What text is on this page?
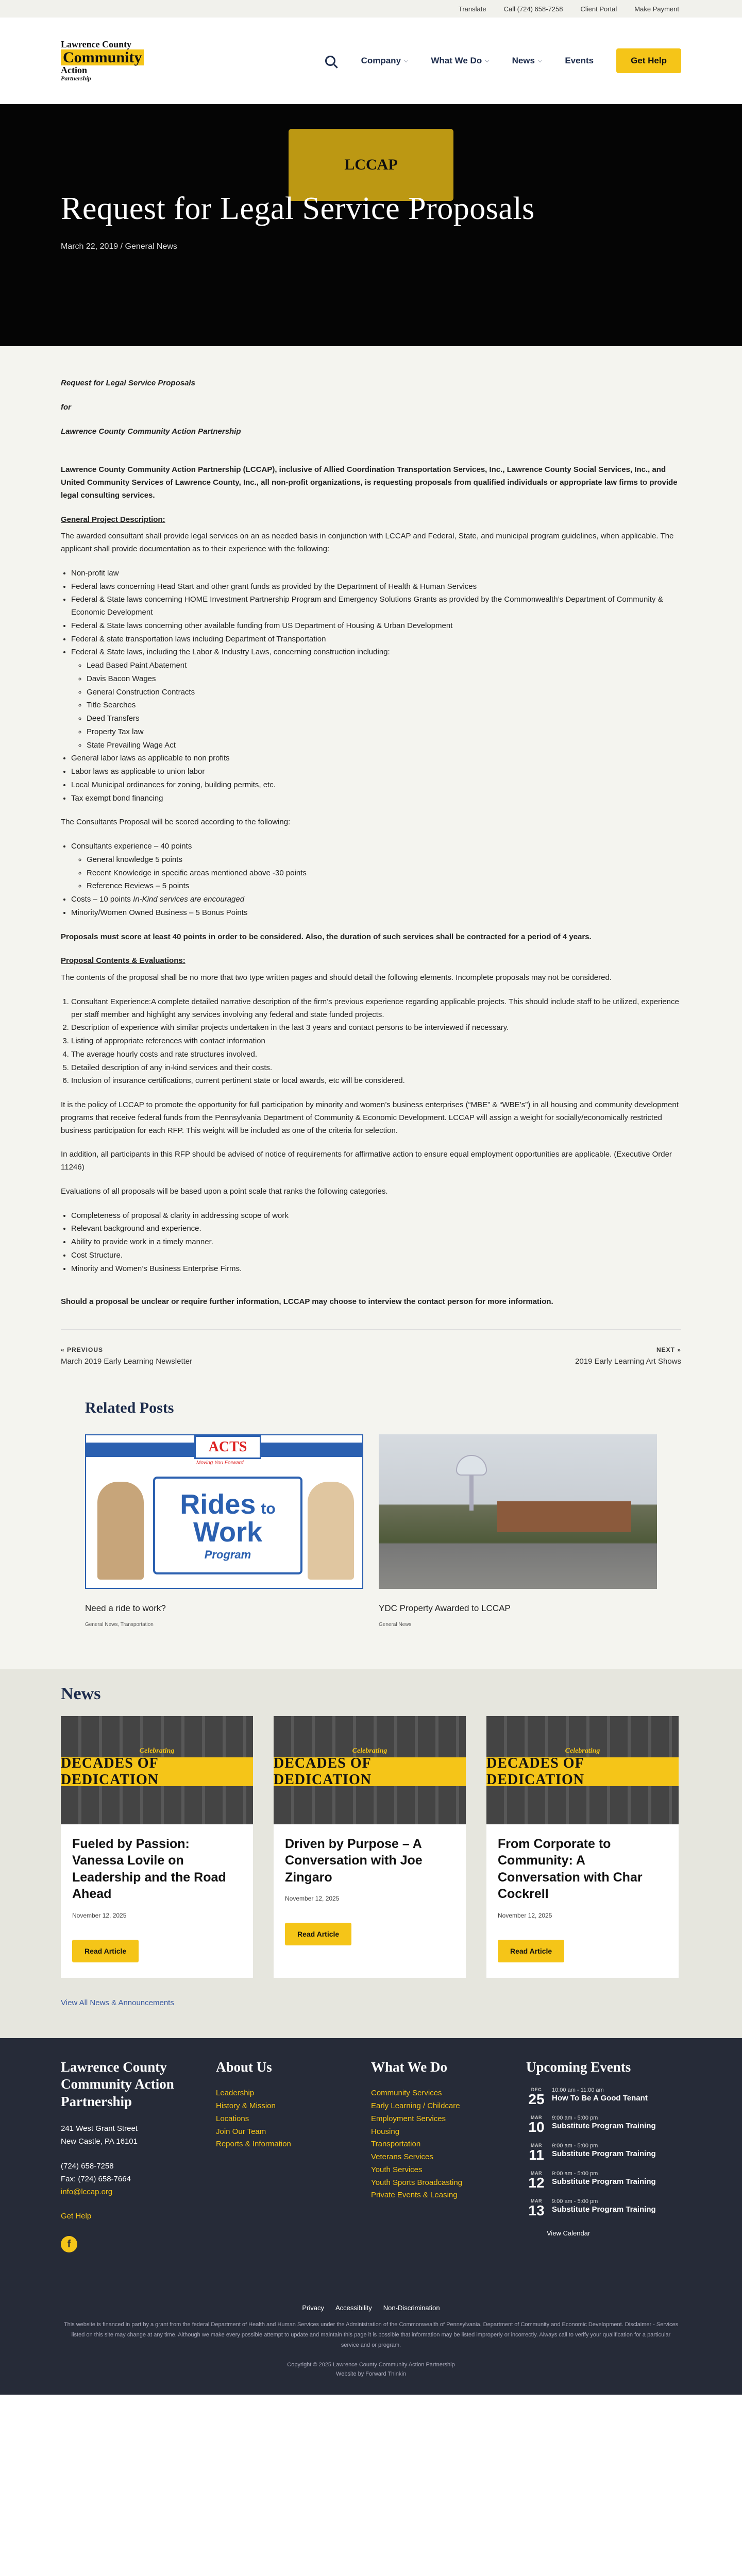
Translate	Call (724) 658-7258	Client Portal	Make Payment
Lawrence County
Community
Action
Partnership
Company ⌵	What We Do ⌵	News ⌵	Events	Get Help
LCCAP
Request for Legal Service Proposals
March 22, 2019 / General News

Request for Legal Service Proposals

for

Lawrence County Community Action Partnership

Lawrence County Community Action Partnership (LCCAP), inclusive of Allied Coordination Transportation Services, Inc., Lawrence County Social Services, Inc., and United Community Services of Lawrence County, Inc., all non-profit organizations, is requesting proposals from qualified individuals or appropriate law firms to provide legal consulting services.

General Project Description:

The awarded consultant shall provide legal services on an as needed basis in conjunction with LCCAP and Federal, State, and municipal program guidelines, when applicable. The applicant shall provide documentation as to their experience with the following:

• Non-profit law
• Federal laws concerning Head Start and other grant funds as provided by the Department of Health & Human Services
• Federal & State laws concerning HOME Investment Partnership Program and Emergency Solutions Grants as provided by the Commonwealth’s Department of Community & Economic Development
• Federal & State laws concerning other available funding from US Department of Housing & Urban Development
• Federal & state transportation laws including Department of Transportation
• Federal & State laws, including the Labor & Industry Laws, concerning construction including:
◦ Lead Based Paint Abatement
◦ Davis Bacon Wages
◦ General Construction Contracts
◦ Title Searches
◦ Deed Transfers
◦ Property Tax law
◦ State Prevailing Wage Act
• General labor laws as applicable to non profits
• Labor laws as applicable to union labor
• Local Municipal ordinances for zoning, building permits, etc.
• Tax exempt bond financing

The Consultants Proposal will be scored according to the following:

• Consultants experience – 40 points
◦ General knowledge 5 points
◦ Recent Knowledge in specific areas mentioned above -30 points
◦ Reference Reviews – 5 points
• Costs – 10 points In-Kind services are encouraged
• Minority/Women Owned Business – 5 Bonus Points

Proposals must score at least 40 points in order to be considered. Also, the duration of such services shall be contracted for a period of 4 years.

Proposal Contents & Evaluations:

The contents of the proposal shall be no more that two type written pages and should detail the following elements. Incomplete proposals may not be considered.

1. Consultant Experience:A complete detailed narrative description of the firm’s previous experience regarding applicable projects. This should include staff to be utilized, experience per staff member and highlight any services involving any federal and state funded projects.
2. Description of experience with similar projects undertaken in the last 3 years and contact persons to be interviewed if necessary.
3. Listing of appropriate references with contact information
4. The average hourly costs and rate structures involved.
5. Detailed description of any in-kind services and their costs.
6. Inclusion of insurance certifications, current pertinent state or local awards, etc will be considered.

It is the policy of LCCAP to promote the opportunity for full participation by minority and women’s business enterprises (“MBE” & “WBE’s”) in all housing and community development programs that receive federal funds from the Pennsylvania Department of Community & Economic Development. LCCAP will assign a weight for socially/economically restricted business participation for each RFP. This weight will be included as one of the criteria for selection.

In addition, all participants in this RFP should be advised of notice of requirements for affirmative action to ensure equal employment opportunities are applicable. (Executive Order 11246)

Evaluations of all proposals will be based upon a point scale that ranks the following categories.

• Completeness of proposal & clarity in addressing scope of work
• Relevant background and experience.
• Ability to provide work in a timely manner.
• Cost Structure.
• Minority and Women’s Business Enterprise Firms.

Should a proposal be unclear or require further information, LCCAP may choose to interview the contact person for more information.

« PREVIOUS
March 2019 Early Learning Newsletter
NEXT »
2019 Early Learning Art Shows
Related Posts
ACTS
Moving You Forward
Rides to
Work
Program
Need a ride to work?
General News, Transportation
YDC Property Awarded to LCCAP
General News
News
Celebrating
DECADES OF DEDICATION
Fueled by Passion: Vanessa Lovile on Leadership and the Road Ahead
November 12, 2025
Read Article
Celebrating
DECADES OF DEDICATION
Driven by Purpose – A Conversation with Joe Zingaro
November 12, 2025
Read Article
Celebrating
DECADES OF DEDICATION
From Corporate to Community: A Conversation with Char Cockrell
November 12, 2025
Read Article
View All News & Announcements
Lawrence County Community Action Partnership
241 West Grant Street
New Castle, PA 16101
(724) 658-7258
Fax: (724) 658-7664
info@lccap.org
Get Help
f
About Us
Leadership
History & Mission
Locations
Join Our Team
Reports & Information
What We Do
Community Services
Early Learning / Childcare
Employment Services
Housing
Transportation
Veterans Services
Youth Services
Youth Sports Broadcasting
Private Events & Leasing
Upcoming Events
DEC
25
10:00 am - 11:00 am
How To Be A Good Tenant
MAR
10
9:00 am - 5:00 pm
Substitute Program Training
MAR
11
9:00 am - 5:00 pm
Substitute Program Training
MAR
12
9:00 am - 5:00 pm
Substitute Program Training
MAR
13
9:00 am - 5:00 pm
Substitute Program Training
View Calendar
Privacy Accessibility Non-Discrimination
This website is financed in part by a grant from the federal Department of Health and Human Services under the Administration of the Commonwealth of Pennsylvania, Department of Community and Economic Development. Disclaimer - Services listed on this site may change at any time. Although we make every possible attempt to update and maintain this page it is possible that information may be listed improperly or incorrectly. Always call to verify your qualification for a particular service and or program.
Copyright © 2025 Lawrence County Community Action Partnership
Website by Forward Thinkin
